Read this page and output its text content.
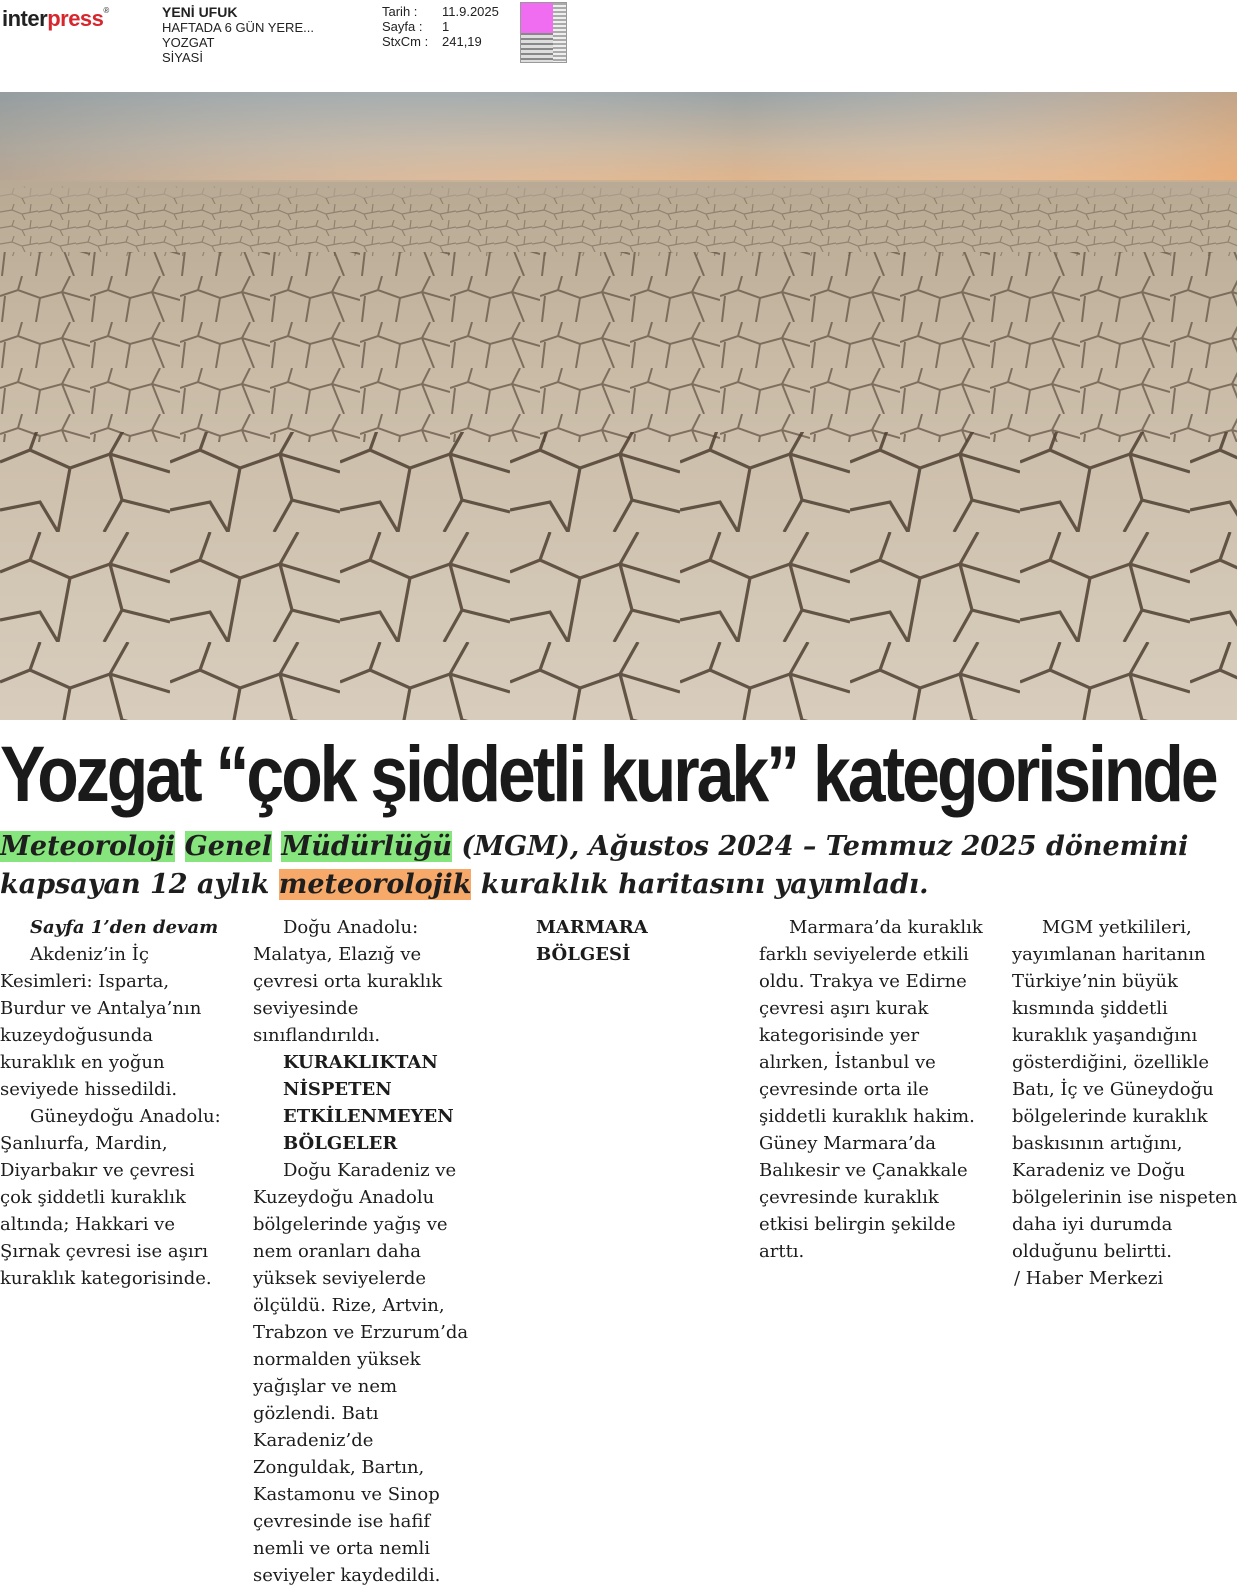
interpress®	YENİ UFUK
HAFTADA 6 GÜN YERE...
YOZGAT
SİYASİ
Tarih :	11.9.2025
Sayfa :	1
StxCm :	241,19
Yozgat “çok şiddetli kurak” kategorisinde
Meteoroloji Genel Müdürlüğü (MGM), Ağustos 2024 – Temmuz 2025 dönemini kapsayan 12 aylık meteorolojik kuraklık haritasını yayımladı.

Sayfa 1’den devam

Akdeniz’in İç Kesimleri: Isparta, Burdur ve Antalya’nın kuzeydoğusunda kuraklık en yoğun seviyede hissedildi.

Güneydoğu Anadolu: Şanlıurfa, Mardin, Diyarbakır ve çevresi çok şiddetli kuraklık altında; Hakkari ve Şırnak çevresi ise aşırı kuraklık kategorisinde.

Doğu Anadolu: Malatya, Elazığ ve çevresi orta kuraklık seviyesinde sınıflandırıldı.

KURAKLIKTAN NİSPETEN ETKİLENMEYEN BÖLGELER

Doğu Karadeniz ve Kuzeydoğu Anadolu bölgelerinde yağış ve nem oranları daha yüksek seviyelerde ölçüldü. Rize, Artvin, Trabzon ve Erzurum’da normalden yüksek yağışlar ve nem gözlendi. Batı Karadeniz’de Zonguldak, Bartın, Kastamonu ve Sinop çevresinde ise hafif nemli ve orta nemli seviyeler kaydedildi.

MARMARA BÖLGESİ

Marmara’da kuraklık farklı seviyelerde etkili oldu. Trakya ve Edirne çevresi aşırı kurak kategorisinde yer alırken, İstanbul ve çevresinde orta ile şiddetli kuraklık hakim. Güney Marmara’da Balıkesir ve Çanakkale çevresinde kuraklık etkisi belirgin şekilde arttı.

MGM yetkilileri, yayımlanan haritanın Türkiye’nin büyük kısmında şiddetli kuraklık yaşandığını gösterdiğini, özellikle Batı, İç ve Güneydoğu bölgelerinde kuraklık baskısının artığını, Karadeniz ve Doğu bölgelerinin ise nispeten daha iyi durumda olduğunu belirtti.

/ Haber Merkezi
